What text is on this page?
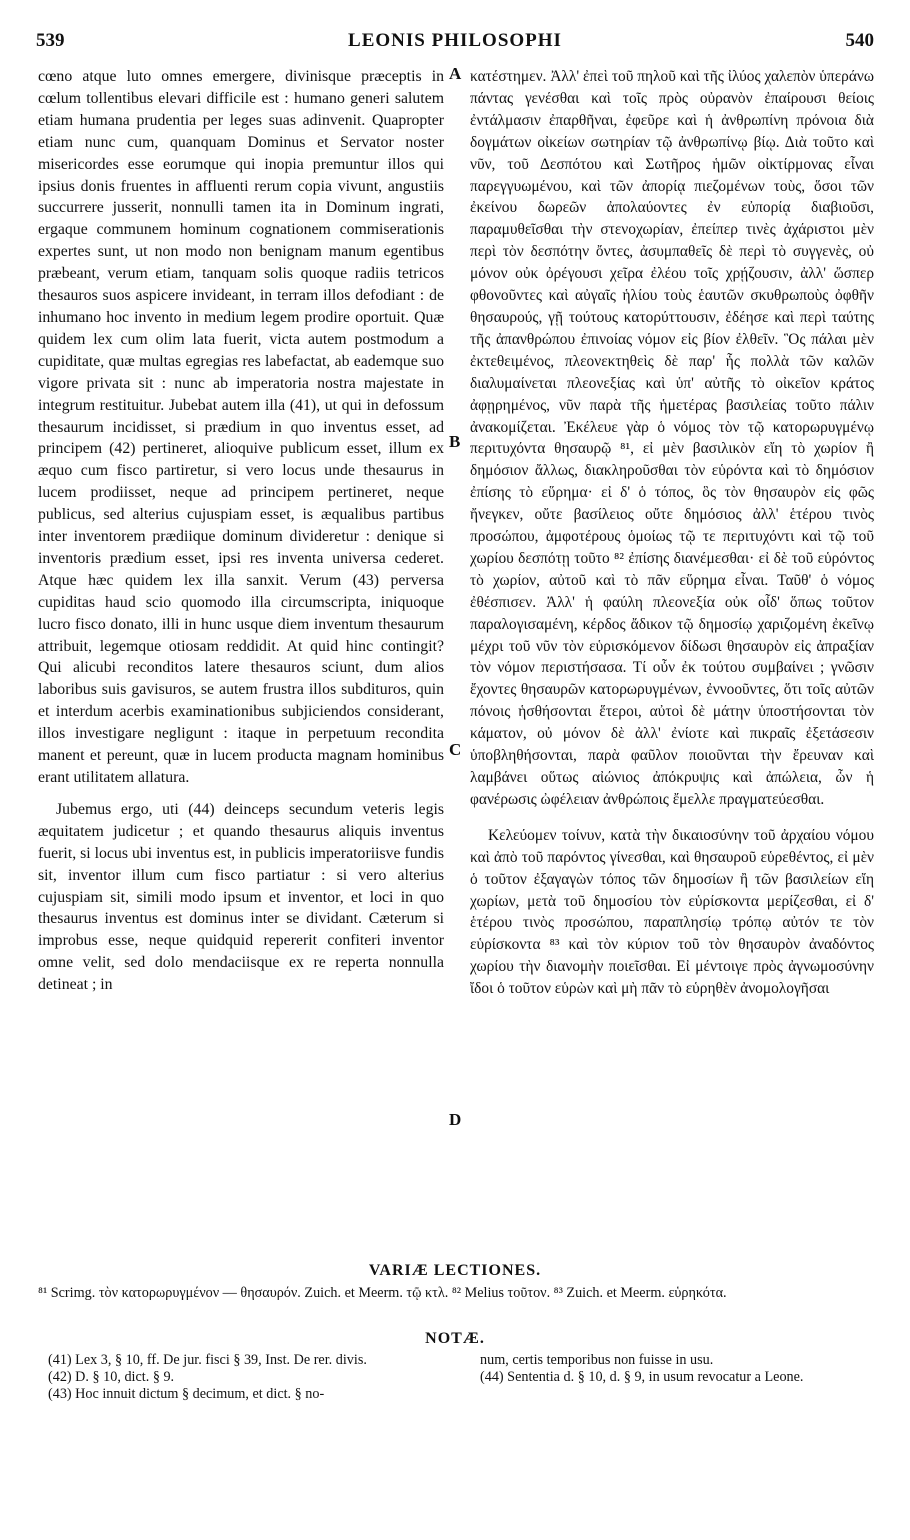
539	LEONIS PHILOSOPHI	540
cœno atque luto omnes emergere, divinisque præceptis in cœlum tollentibus elevari difficile est : humano generi salutem etiam humana prudentia per leges suas adinvenit. Quapropter etiam nunc cum, quanquam Dominus et Servator noster misericordes esse eorumque qui inopia premuntur illos qui ipsius donis fruentes in affluenti rerum copia vivunt, angustiis succurrere jusserit, nonnulli tamen ita in Dominum ingrati, ergaque communem hominum cognationem commiserationis expertes sunt, ut non modo non benignam manum egentibus præbeant, verum etiam, tanquam solis quoque radiis tetricos thesauros suos aspicere invideant, in terram illos defodiant : de inhumano hoc invento in medium legem prodire oportuit. Quæ quidem lex cum olim lata fuerit, victa autem postmodum a cupiditate, quæ multas egregias res labefactat, ab eademque suo vigore privata sit : nunc ab imperatoria nostra majestate in integrum restituitur. Jubebat autem illa (41), ut qui in defossum thesaurum incidisset, si prædium in quo inventus esset, ad principem (42) pertineret, alioquive publicum esset, illum ex æquo cum fisco partiretur, si vero locus unde thesaurus in lucem prodiisset, neque ad principem pertineret, neque publicus, sed alterius cujuspiam esset, is æqualibus partibus inter inventorem prædiique dominum divideretur : denique si inventoris prædium esset, ipsi res inventa universa cederet. Atque hæc quidem lex illa sanxit. Verum (43) perversa cupiditas haud scio quomodo illa circumscripta, iniquoque lucro fisco donato, illi in hunc usque diem inventum thesaurum attribuit, legemque otiosam reddidit. At quid hinc contingit? Qui alicubi reconditos latere thesauros sciunt, dum alios laboribus suis gavisuros, se autem frustra illos subdituros, quin et interdum acerbis examinationibus subjiciendos considerant, illos investigare negligunt : itaque in perpetuum recondita manent et pereunt, quæ in lucem producta magnam hominibus erant utilitatem allatura.
Jubemus ergo, uti (44) deinceps secundum veteris legis æquitatem judicetur ; et quando thesaurus aliquis inventus fuerit, si locus ubi inventus est, in publicis imperatoriisve fundis sit, inventor illum cum fisco partiatur : si vero alterius cujuspiam sit, simili modo ipsum et inventor, et loci in quo thesaurus inventus est dominus inter se dividant. Cæterum si improbus esse, neque quidquid repererit confiteri inventor omne velit, sed dolo mendaciisque ex re reperta nonnulla detineat ; in
A
B
C
D
κατέστημεν. Ἀλλ' ἐπεὶ τοῦ πηλοῦ καὶ τῆς ἰλύος χαλεπὸν ὑπεράνω πάντας γενέσθαι καὶ τοῖς πρὸς οὐρανὸν ἐπαίρουσι θείοις ἐντάλμασιν ἐπαρθῆναι, ἐφεῦρε καὶ ἡ ἀνθρωπίνη πρόνοια διὰ δογμάτων οἰκείων σωτηρίαν τῷ ἀνθρωπίνῳ βίῳ. Διὰ τοῦτο καὶ νῦν, τοῦ Δεσπότου καὶ Σωτῆρος ἡμῶν οἰκτίρμονας εἶναι παρεγγυωμένου, καὶ τῶν ἀπορίᾳ πιεζομένων τοὺς, ὅσοι τῶν ἐκείνου δωρεῶν ἀπολαύοντες ἐν εὐπορίᾳ διαβιοῦσι, παραμυθεῖσθαι τὴν στενοχωρίαν, ἐπείπερ τινὲς ἀχάριστοι μὲν περὶ τὸν δεσπότην ὄντες, ἀσυμπαθεῖς δὲ περὶ τὸ συγγενὲς, οὐ μόνον οὐκ ὀρέγουσι χεῖρα ἐλέου τοῖς χρῄζουσιν, ἀλλ' ὥσπερ φθονοῦντες καὶ αὐγαῖς ἡλίου τοὺς ἑαυτῶν σκυθρωποὺς ὀφθῆν θησαυρούς, γῇ τούτους κατορύττουσιν, ἐδέησε καὶ περὶ ταύτης τῆς ἀπανθρώπου ἐπινοίας νόμον εἰς βίον ἐλθεῖν. Ὃς πάλαι μὲν ἐκτεθειμένος, πλεονεκτηθεὶς δὲ παρ' ἧς πολλὰ τῶν καλῶν διαλυμαίνεται πλεονεξίας καὶ ὑπ' αὐτῆς τὸ οἰκεῖον κράτος ἀφῃρημένος, νῦν παρὰ τῆς ἡμετέρας βασιλείας τοῦτο πάλιν ἀνακομίζεται. Ἐκέλευε γὰρ ὁ νόμος τὸν τῷ κατορωρυγμένῳ περιτυχόντα θησαυρῷ ⁸¹, εἰ μὲν βασιλικὸν εἴη τὸ χωρίον ἢ δημόσιον ἄλλως, διακληροῦσθαι τὸν εὑρόντα καὶ τὸ δημόσιον ἐπίσης τὸ εὕρημα· εἰ δ' ὁ τόπος, ὃς τὸν θησαυρὸν εἰς φῶς ἤνεγκεν, οὔτε βασίλειος οὔτε δημόσιος ἀλλ' ἑτέρου τινὸς προσώπου, ἀμφοτέρους ὁμοίως τῷ τε περιτυχόντι καὶ τῷ τοῦ χωρίου δεσπότῃ τοῦτο ⁸² ἐπίσης διανέμεσθαι· εἰ δὲ τοῦ εὑρόντος τὸ χωρίον, αὐτοῦ καὶ τὸ πᾶν εὕρημα εἶναι. Ταῦθ' ὁ νόμος ἐθέσπισεν. Ἀλλ' ἡ φαύλη πλεονεξία οὐκ οἶδ' ὅπως τοῦτον παραλογισαμένη, κέρδος ἄδικον τῷ δημοσίῳ χαριζομένη ἐκεῖνῳ μέχρι τοῦ νῦν τὸν εὑρισκόμενον δίδωσι θησαυρὸν εἰς ἀπραξίαν τὸν νόμον περιστήσασα. Τί οὖν ἐκ τούτου συμβαίνει ; γνῶσιν ἔχοντες θησαυρῶν κατορωρυγμένων, ἐννοοῦντες, ὅτι τοῖς αὐτῶν πόνοις ἡσθήσονται ἕτεροι, αὐτοὶ δὲ μάτην ὑποστήσονται τὸν κάματον, οὐ μόνον δὲ ἀλλ' ἐνίοτε καὶ πικραῖς ἐξετάσεσιν ὑποβληθήσονται, παρὰ φαῦλον ποιοῦνται τὴν ἔρευναν καὶ λαμβάνει οὕτως αἰώνιος ἀπόκρυψις καὶ ἀπώλεια, ὧν ἡ φανέρωσις ὠφέλειαν ἀνθρώποις ἔμελλε πραγματεύεσθαι.
Κελεύομεν τοίνυν, κατὰ τὴν δικαιοσύνην τοῦ ἀρχαίου νόμου καὶ ἀπὸ τοῦ παρόντος γίνεσθαι, καὶ θησαυροῦ εὑρεθέντος, εἰ μὲν ὁ τοῦτον ἐξαγαγὼν τόπος τῶν δημοσίων ἢ τῶν βασιλείων εἴη χωρίων, μετὰ τοῦ δημοσίου τὸν εὑρίσκοντα μερίζεσθαι, εἰ δ' ἑτέρου τινὸς προσώπου, παραπλησίῳ τρόπῳ αὐτόν τε τὸν εὑρίσκοντα ⁸³ καὶ τὸν κύριον τοῦ τὸν θησαυρὸν ἀναδόντος χωρίου τὴν διανομὴν ποιεῖσθαι. Εἰ μέντοιγε πρὸς ἀγνωμοσύνην ἴδοι ὁ τοῦτον εὑρὼν καὶ μὴ πᾶν τὸ εὑρηθὲν ἀνομολογῆσαι
VARIÆ LECTIONES.
⁸¹ Scrimg. τὸν κατορωρυγμένον — θησαυρόν. Zuich. et Meerm. τῷ κτλ. ⁸² Melius τοῦτον. ⁸³ Zuich. et Meerm. εὑρηκότα.
NOTÆ.

(41) Lex 3, § 10, ff. De jur. fisci § 39, Inst. De rer. divis.

(42) D. § 10, dict. § 9.

(43) Hoc innuit dictum § decimum, et dict. § no-

num, certis temporibus non fuisse in usu.

(44) Sententia d. § 10, d. § 9, in usum revocatur a Leone.
